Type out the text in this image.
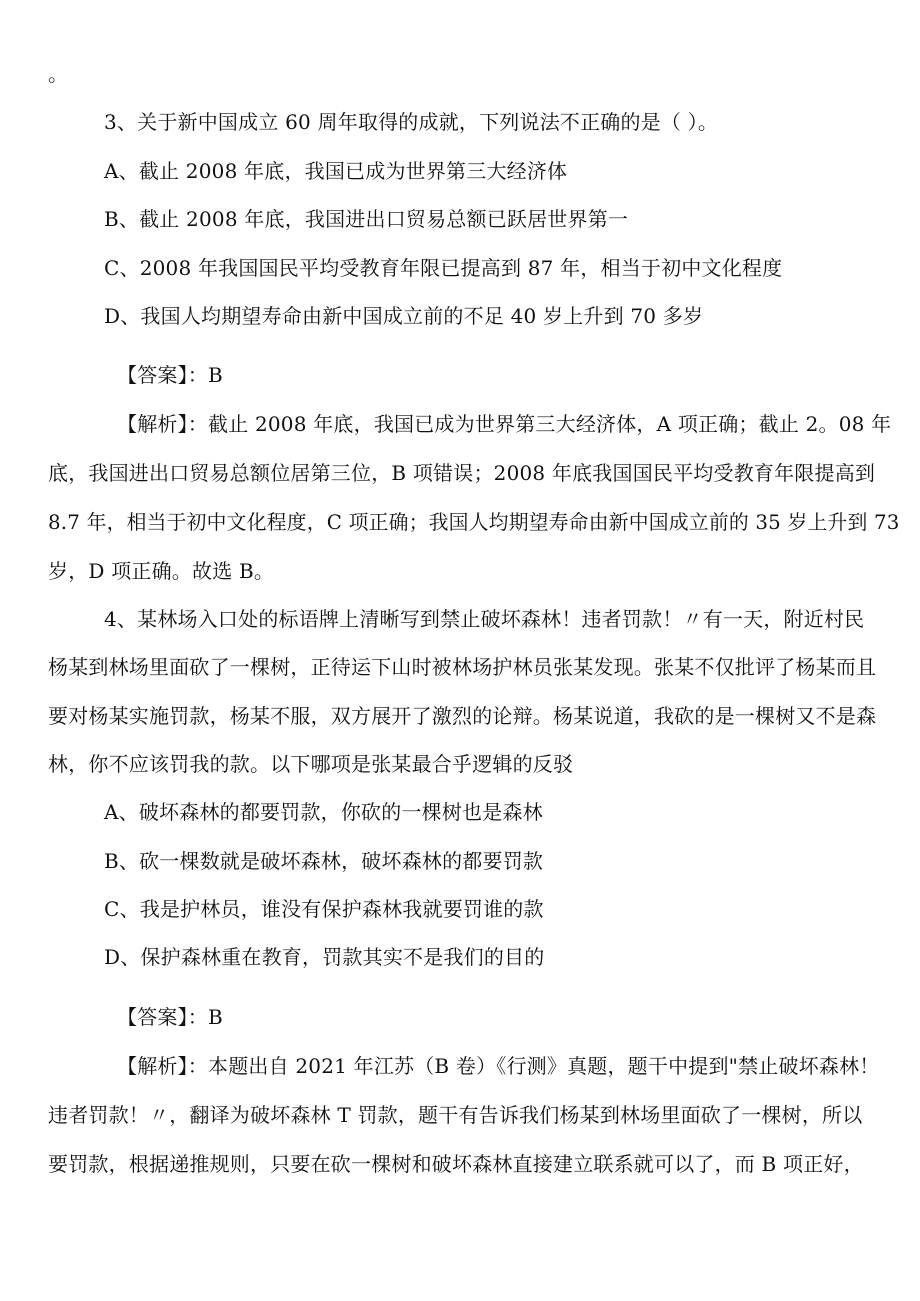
。
3、关于新中国成立 60 周年取得的成就，下列说法不正确的是（ ）。
A、截止 2008 年底，我国已成为世界第三大经济体
B、截止 2008 年底，我国进出口贸易总额已跃居世界第一
C、2008 年我国国民平均受教育年限已提高到 87 年，相当于初中文化程度
D、我国人均期望寿命由新中国成立前的不足 40 岁上升到 70 多岁
【答案】：B
【解析】：截止 2008 年底，我国已成为世界第三大经济体，A 项正确；截止 2。08 年
底，我国进出口贸易总额位居第三位，B 项错误；2008 年底我国国民平均受教育年限提高到
8.7 年，相当于初中文化程度，C 项正确；我国人均期望寿命由新中国成立前的 35 岁上升到 73
岁，D 项正确。故选 B。
4、某林场入口处的标语牌上清晰写到禁止破坏森林！违者罚款！〃有一天，附近村民
杨某到林场里面砍了一棵树，正待运下山时被林场护林员张某发现。张某不仅批评了杨某而且
要对杨某实施罚款，杨某不服，双方展开了激烈的论辩。杨某说道，我砍的是一棵树又不是森
林，你不应该罚我的款。以下哪项是张某最合乎逻辑的反驳
A、破坏森林的都要罚款，你砍的一棵树也是森林
B、砍一棵数就是破坏森林，破坏森林的都要罚款
C、我是护林员，谁没有保护森林我就要罚谁的款
D、保护森林重在教育，罚款其实不是我们的目的
【答案】：B
【解析】：本题出自 2021 年江苏（B 卷）《行测》真题，题干中提到"禁止破坏森林！
违者罚款！〃，翻译为破坏森林 T 罚款，题干有告诉我们杨某到林场里面砍了一棵树，所以
要罚款，根据递推规则，只要在砍一棵树和破坏森林直接建立联系就可以了，而 B 项正好，
